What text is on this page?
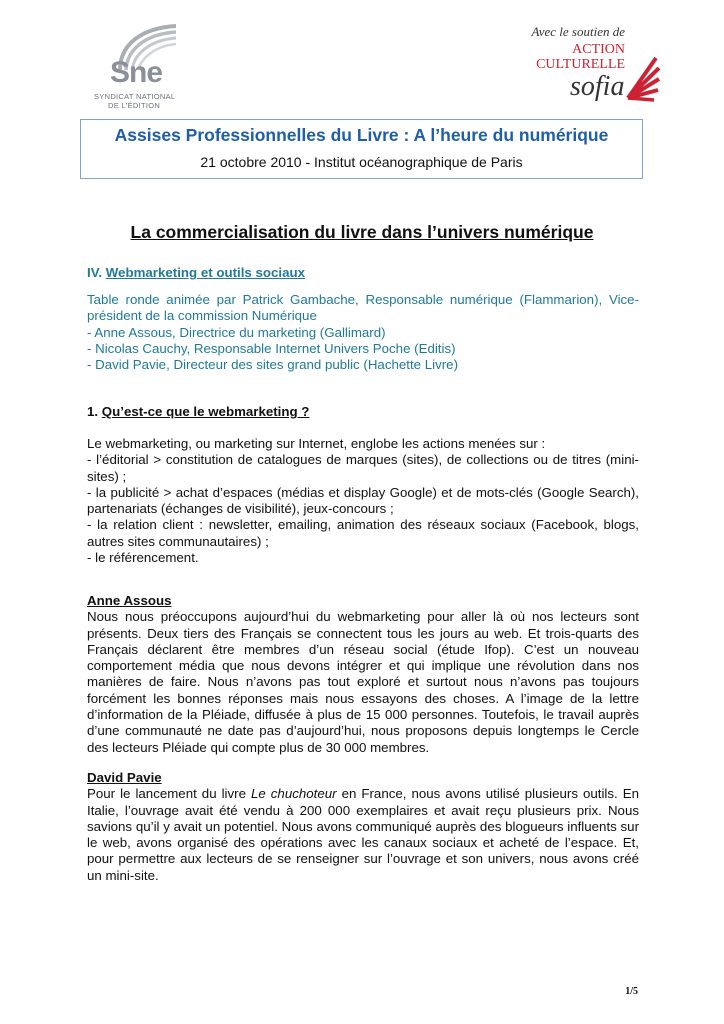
Sne
SYNDICAT NATIONAL
DE L'ÉDITION
Avec le soutien de
ACTION
CULTURELLE
sofia
Assises Professionnelles du Livre : A l’heure du numérique
21 octobre 2010 - Institut océanographique de Paris
La commercialisation du livre dans l’univers numérique
IV. Webmarketing et outils sociaux

Table ronde animée par Patrick Gambache, Responsable numérique (Flammarion), Vice-président de la commission Numérique

- Anne Assous, Directrice du marketing (Gallimard)

- Nicolas Cauchy, Responsable Internet Univers Poche (Editis)

- David Pavie, Directeur des sites grand public (Hachette Livre)

1. Qu’est-ce que le webmarketing ?

Le webmarketing, ou marketing sur Internet, englobe les actions menées sur :

- l’éditorial > constitution de catalogues de marques (sites), de collections ou de titres (mini-sites) ;

- la publicité > achat d’espaces (médias et display Google) et de mots-clés (Google Search), partenariats (échanges de visibilité), jeux-concours ;

- la relation client : newsletter, emailing, animation des réseaux sociaux (Facebook, blogs, autres sites communautaires) ;

- le référencement.

Anne Assous

Nous nous préoccupons aujourd’hui du webmarketing pour aller là où nos lecteurs sont présents. Deux tiers des Français se connectent tous les jours au web. Et trois-quarts des Français déclarent être membres d’un réseau social (étude Ifop). C’est un nouveau comportement média que nous devons intégrer et qui implique une révolution dans nos manières de faire. Nous n’avons pas tout exploré et surtout nous n’avons pas toujours forcément les bonnes réponses mais nous essayons des choses. A l’image de la lettre d’information de la Pléiade, diffusée à plus de 15 000 personnes. Toutefois, le travail auprès d’une communauté ne date pas d’aujourd’hui, nous proposons depuis longtemps le Cercle des lecteurs Pléiade qui compte plus de 30 000 membres.

David Pavie

Pour le lancement du livre Le chuchoteur en France, nous avons utilisé plusieurs outils. En Italie, l’ouvrage avait été vendu à 200 000 exemplaires et avait reçu plusieurs prix. Nous savions qu’il y avait un potentiel. Nous avons communiqué auprès des blogueurs influents sur le web, avons organisé des opérations avec les canaux sociaux et acheté de l’espace. Et, pour permettre aux lecteurs de se renseigner sur l’ouvrage et son univers, nous avons créé un mini-site.

1/5
